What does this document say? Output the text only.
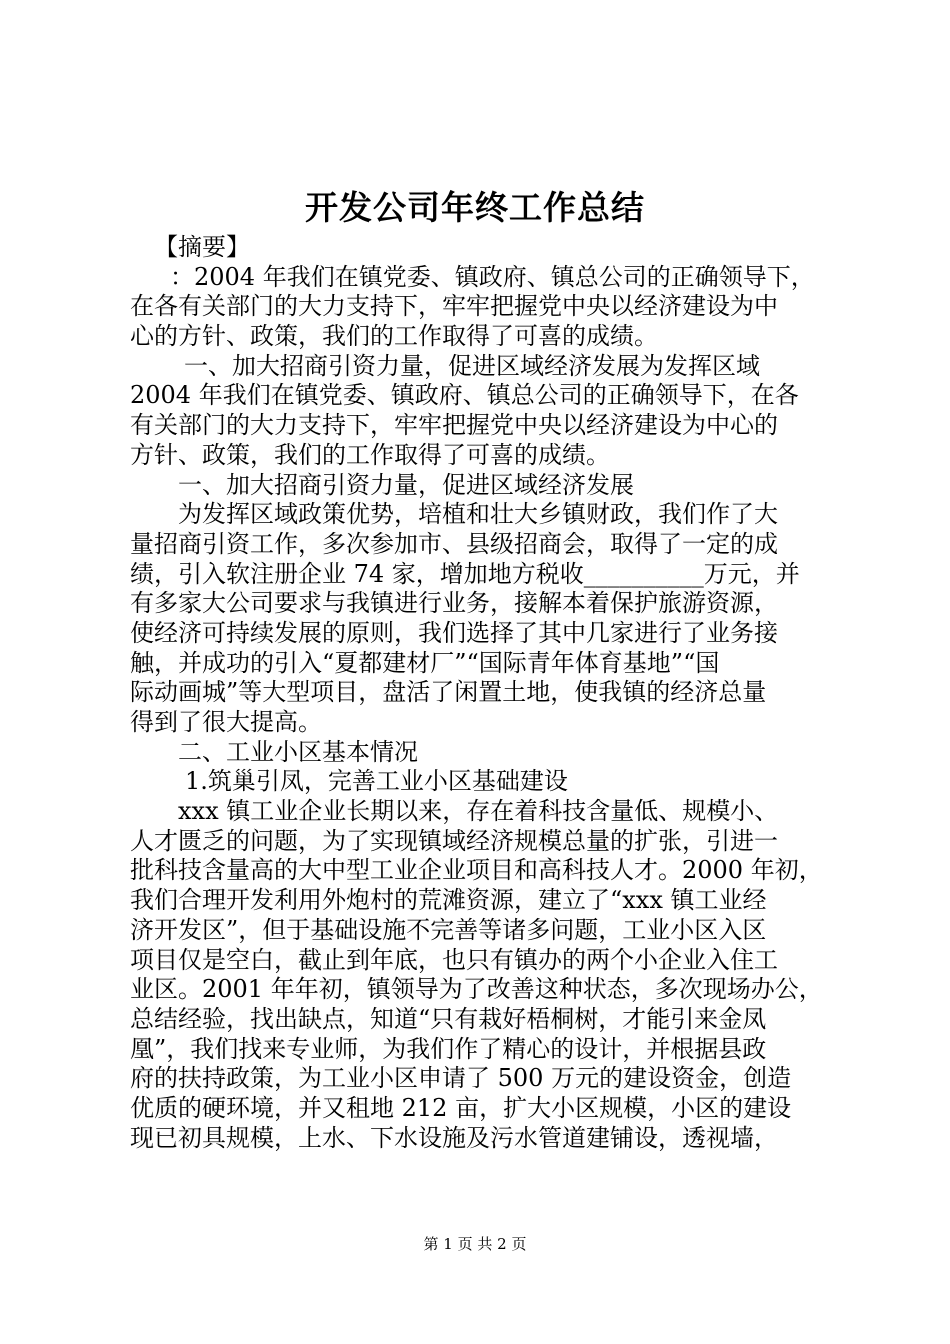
开发公司年终工作总结
【摘要】
：2004 年我们在镇党委、镇政府、镇总公司的正确领导下，
在各有关部门的大力支持下，牢牢把握党中央以经济建设为中
心的方针、政策，我们的工作取得了可喜的成绩。
一、加大招商引资力量，促进区域经济发展为发挥区域
2004 年我们在镇党委、镇政府、镇总公司的正确领导下，在各
有关部门的大力支持下，牢牢把握党中央以经济建设为中心的
方针、政策，我们的工作取得了可喜的成绩。
一、加大招商引资力量，促进区域经济发展
为发挥区域政策优势，培植和壮大乡镇财政，我们作了大
量招商引资工作，多次参加市、县级招商会，取得了一定的成
绩，引入软注册企业 74 家，增加地方税收__________万元，并
有多家大公司要求与我镇进行业务，接解本着保护旅游资源，
使经济可持续发展的原则，我们选择了其中几家进行了业务接
触，并成功的引入“夏都建材厂”“国际青年体育基地”“国
际动画城”等大型项目，盘活了闲置土地，使我镇的经济总量
得到了很大提高。
二、工业小区基本情况
1.筑巢引凤，完善工业小区基础建设
xxx 镇工业企业长期以来，存在着科技含量低、规模小、
人才匮乏的问题，为了实现镇域经济规模总量的扩张，引进一
批科技含量高的大中型工业企业项目和高科技人才。2000 年初，
我们合理开发利用外炮村的荒滩资源，建立了“xxx 镇工业经
济开发区”，但于基础设施不完善等诸多问题，工业小区入区
项目仅是空白，截止到年底，也只有镇办的两个小企业入住工
业区。2001 年年初，镇领导为了改善这种状态，多次现场办公，
总结经验，找出缺点，知道“只有栽好梧桐树，才能引来金凤
凰”，我们找来专业师，为我们作了精心的设计，并根据县政
府的扶持政策，为工业小区申请了 500 万元的建设资金，创造
优质的硬环境，并又租地 212 亩，扩大小区规模，小区的建设
现已初具规模，上水、下水设施及污水管道建铺设，透视墙，
第 1 页 共 2 页
